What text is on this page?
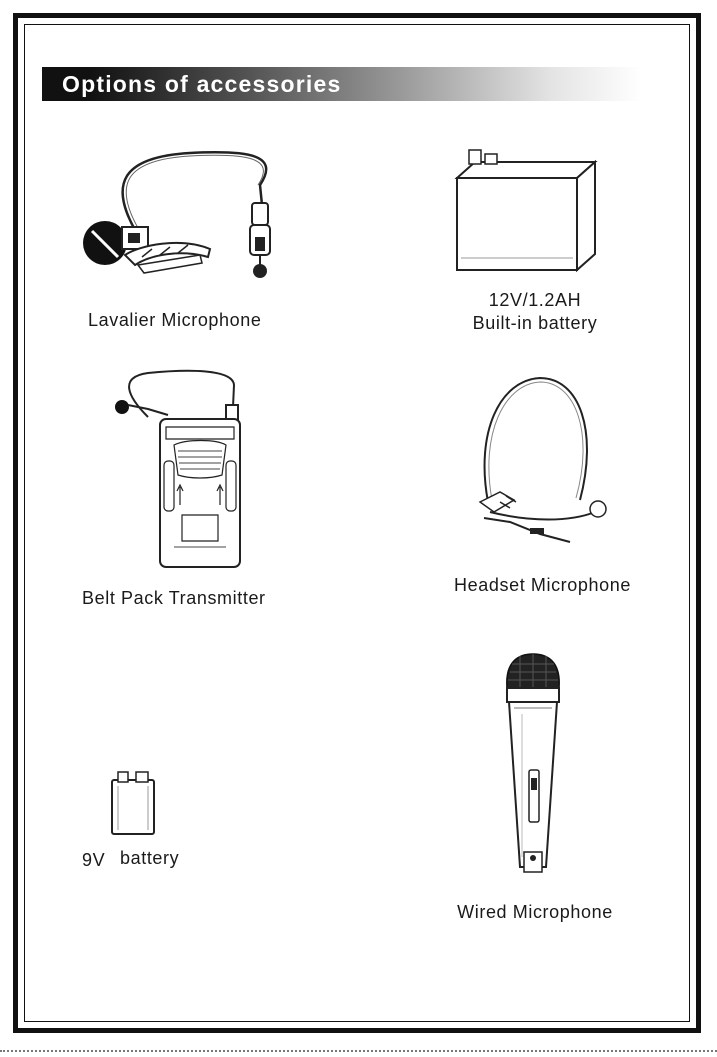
Options of accessories
Lavalier Microphone
12V/1.2AH
Built-in battery
Belt Pack Transmitter
Headset Microphone
9V battery
Wired Microphone
